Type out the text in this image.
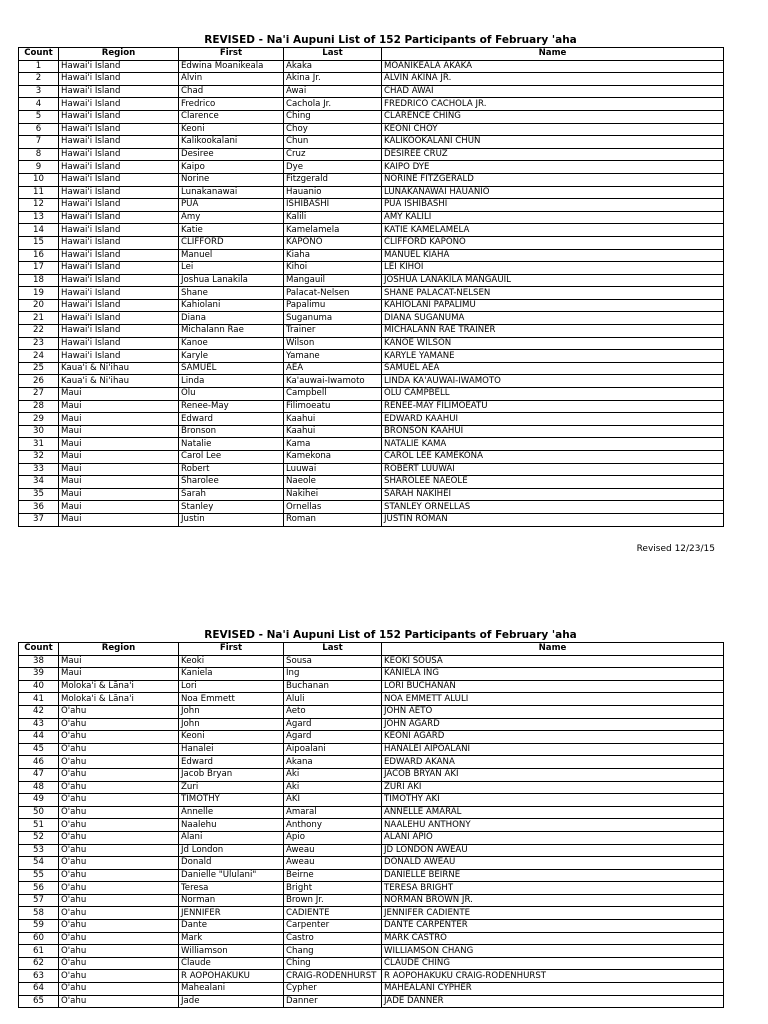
REVISED - Na'i Aupuni List of 152 Participants of February 'aha
Count	Region	First	Last	Name
1	Hawai'i Island	Edwina Moanikeala	Akaka	MOANIKEALA AKAKA
2	Hawai'i Island	Alvin	Akina Jr.	ALVIN AKINA JR.
3	Hawai'i Island	Chad	Awai	CHAD AWAI
4	Hawai'i Island	Fredrico	Cachola Jr.	FREDRICO CACHOLA JR.
5	Hawai'i Island	Clarence	Ching	CLARENCE CHING
6	Hawai'i Island	Keoni	Choy	KEONI CHOY
7	Hawai'i Island	Kalikookalani	Chun	KALIKOOKALANI CHUN
8	Hawai'i Island	Desiree	Cruz	DESIREE CRUZ
9	Hawai'i Island	Kaipo	Dye	KAIPO DYE
10	Hawai'i Island	Norine	Fitzgerald	NORINE FITZGERALD
11	Hawai'i Island	Lunakanawai	Hauanio	LUNAKANAWAI HAUANIO
12	Hawai'i Island	PUA	ISHIBASHI	PUA ISHIBASHI
13	Hawai'i Island	Amy	Kalili	AMY KALILI
14	Hawai'i Island	Katie	Kamelamela	KATIE KAMELAMELA
15	Hawai'i Island	CLIFFORD	KAPONO	CLIFFORD KAPONO
16	Hawai'i Island	Manuel	Kiaha	MANUEL KIAHA
17	Hawai'i Island	Lei	Kihoi	LEI KIHOI
18	Hawai'i Island	Joshua Lanakila	Mangauil	JOSHUA LANAKILA MANGAUIL
19	Hawai'i Island	Shane	Palacat-Nelsen	SHANE PALACAT-NELSEN
20	Hawai'i Island	Kahiolani	Papalimu	KAHIOLANI PAPALIMU
21	Hawai'i Island	Diana	Suganuma	DIANA SUGANUMA
22	Hawai'i Island	Michalann Rae	Trainer	MICHALANN RAE TRAINER
23	Hawai'i Island	Kanoe	Wilson	KANOE WILSON
24	Hawai'i Island	Karyle	Yamane	KARYLE YAMANE
25	Kaua'i & Ni'ihau	SAMUEL	AEA	SAMUEL AEA
26	Kaua'i & Ni'ihau	Linda	Ka'auwai-Iwamoto	LINDA KA'AUWAI-IWAMOTO
27	Maui	Olu	Campbell	OLU CAMPBELL
28	Maui	Renee-May	Filimoeatu	RENEE-MAY FILIMOEATU
29	Maui	Edward	Kaahui	EDWARD KAAHUI
30	Maui	Bronson	Kaahui	BRONSON KAAHUI
31	Maui	Natalie	Kama	NATALIE KAMA
32	Maui	Carol Lee	Kamekona	CAROL LEE KAMEKONA
33	Maui	Robert	Luuwai	ROBERT LUUWAI
34	Maui	Sharolee	Naeole	SHAROLEE NAEOLE
35	Maui	Sarah	Nakihei	SARAH NAKIHEI
36	Maui	Stanley	Ornellas	STANLEY ORNELLAS
37	Maui	Justin	Roman	JUSTIN ROMAN
Revised 12/23/15
REVISED - Na'i Aupuni List of 152 Participants of February 'aha
Count	Region	First	Last	Name
38	Maui	Keoki	Sousa	KEOKI SOUSA
39	Maui	Kaniela	Ing	KANIELA ING
40	Moloka'i & Lāna'i	Lori	Buchanan	LORI BUCHANAN
41	Moloka'i & Lāna'i	Noa Emmett	Aluli	NOA EMMETT ALULI
42	O'ahu	John	Aeto	JOHN AETO
43	O'ahu	John	Agard	JOHN AGARD
44	O'ahu	Keoni	Agard	KEONI AGARD
45	O'ahu	Hanalei	Aipoalani	HANALEI AIPOALANI
46	O'ahu	Edward	Akana	EDWARD AKANA
47	O'ahu	Jacob Bryan	Aki	JACOB BRYAN AKI
48	O'ahu	Zuri	Aki	ZURI AKI
49	O'ahu	TIMOTHY	AKI	TIMOTHY AKI
50	O'ahu	Annelle	Amaral	ANNELLE AMARAL
51	O'ahu	Naalehu	Anthony	NAALEHU ANTHONY
52	O'ahu	Alani	Apio	ALANI APIO
53	O'ahu	Jd London	Aweau	JD LONDON AWEAU
54	O'ahu	Donald	Aweau	DONALD AWEAU
55	O'ahu	Danielle "Ululani"	Beirne	DANIELLE BEIRNE
56	O'ahu	Teresa	Bright	TERESA BRIGHT
57	O'ahu	Norman	Brown Jr.	NORMAN BROWN JR.
58	O'ahu	JENNIFER	CADIENTE	JENNIFER CADIENTE
59	O'ahu	Dante	Carpenter	DANTE CARPENTER
60	O'ahu	Mark	Castro	MARK CASTRO
61	O'ahu	Williamson	Chang	WILLIAMSON CHANG
62	O'ahu	Claude	Ching	CLAUDE CHING
63	O'ahu	R AOPOHAKUKU	CRAIG-RODENHURST	R AOPOHAKUKU CRAIG-RODENHURST
64	O'ahu	Mahealani	Cypher	MAHEALANI CYPHER
65	O'ahu	Jade	Danner	JADE DANNER
